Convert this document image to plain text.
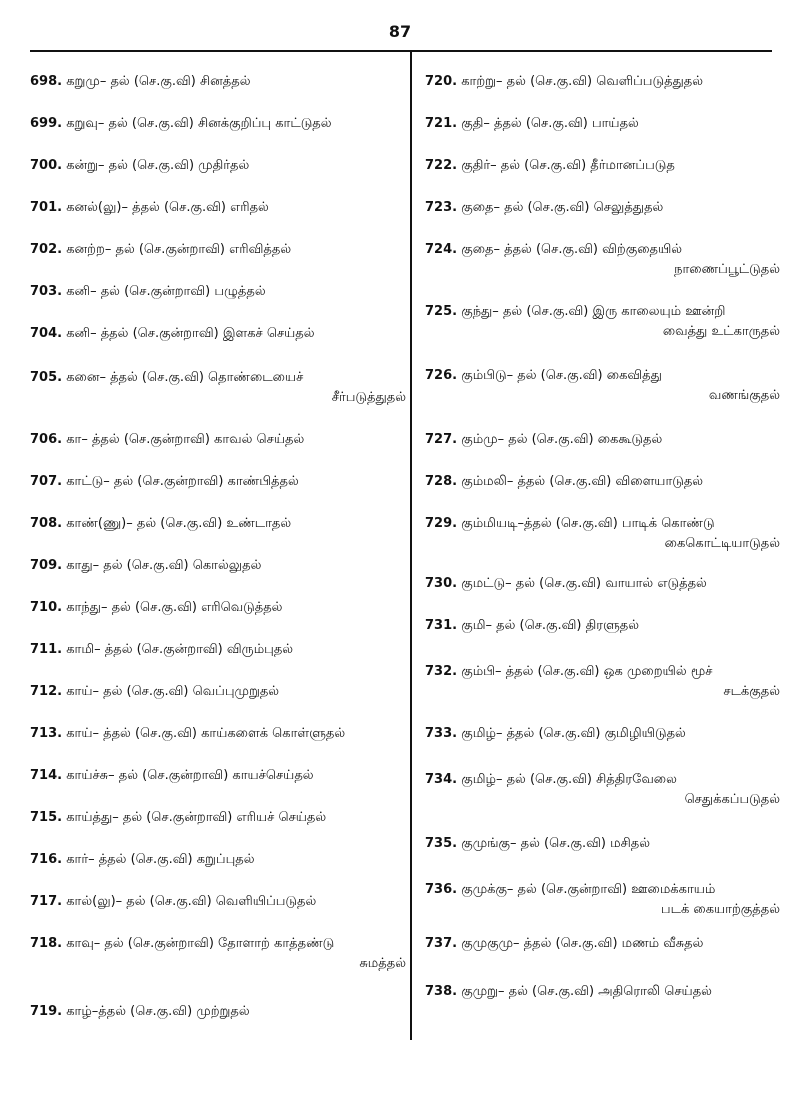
87
698. கறுமு– தல் (செ.கு.வி) சினத்தல்
699. கறுவு– தல் (செ.கு.வி) சினக்குறிப்பு காட்டுதல்
700. கன்று– தல் (செ.கு.வி) முதிர்தல்
701. கனல்(லு)– த்தல் (செ.கு.வி) எரிதல்
702. கனற்ற– தல் (செ.குன்றாவி) எரிவித்தல்
703. கனி– தல் (செ.குன்றாவி) பழுத்தல்
704. கனி– த்தல் (செ.குன்றாவி) இளகச் செய்தல்
705. கனை– த்தல் (செ.கு.வி) தொண்டையைச்
சீர்படுத்துதல்
706. கா– த்தல் (செ.குன்றாவி) காவல் செய்தல்
707. காட்டு– தல் (செ.குன்றாவி) காண்பித்தல்
708. காண்(ணு)– தல் (செ.கு.வி) உண்டாதல்
709. காது– தல் (செ.கு.வி) கொல்லுதல்
710. காந்து– தல் (செ.கு.வி) எரிவெடுத்தல்
711. காமி– த்தல் (செ.குன்றாவி) விரும்புதல்
712. காய்– தல் (செ.கு.வி) வெப்புமுறுதல்
713. காய்– த்தல் (செ.கு.வி) காய்களைக் கொள்ளுதல்
714. காய்ச்சு– தல் (செ.குன்றாவி) காயச்செய்தல்
715. காய்த்து– தல் (செ.குன்றாவி) எரியச் செய்தல்
716. கார்– த்தல் (செ.கு.வி) கறுப்புதல்
717. கால்(லு)– தல் (செ.கு.வி) வெளியிப்படுதல்
718. காவு– தல் (செ.குன்றாவி) தோளாற் காத்தண்டு
சுமத்தல்
719. காழ்–த்தல் (செ.கு.வி) முற்றுதல்
720. காற்று– தல் (செ.கு.வி) வெளிப்படுத்துதல்
721. குதி– த்தல் (செ.கு.வி) பாய்தல்
722. குதிர்– தல் (செ.கு.வி) தீர்மானப்படுத
723. குதை– தல் (செ.கு.வி) செலுத்துதல்
724. குதை– த்தல் (செ.கு.வி) விற்குதையில்
நாணைப்பூட்டுதல்
725. குந்து– தல் (செ.கு.வி) இரு காலையும் ஊன்றி
வைத்து உட்காருதல்
726. கும்பிடு– தல் (செ.கு.வி) கைவித்து
வணங்குதல்
727. கும்மு– தல் (செ.கு.வி) கைகூடுதல்
728. கும்மலி– த்தல் (செ.கு.வி) விளையாடுதல்
729. கும்மியடி–த்தல் (செ.கு.வி) பாடிக் கொண்டு
கைகொட்டியாடுதல்
730. குமட்டு– தல் (செ.கு.வி) வாயால் எடுத்தல்
731. குமி– தல் (செ.கு.வி) திரளுதல்
732. கும்பி– த்தல் (செ.கு.வி) ஒக முறையில் மூச்
சடக்குதல்
733. குமிழ்– த்தல் (செ.கு.வி) குமிழியிடுதல்
734. குமிழ்– தல் (செ.கு.வி) சித்திரவேலை
செதுக்கப்படுதல்
735. குமுங்கு– தல் (செ.கு.வி) மசிதல்
736. குமுக்கு– தல் (செ.குன்றாவி) ஊமைக்காயம்
படக் கையாற்குத்தல்
737. குமுகுமு– த்தல் (செ.கு.வி) மணம் வீசுதல்
738. குமுறு– தல் (செ.கு.வி) அதிரொலி செய்தல்
